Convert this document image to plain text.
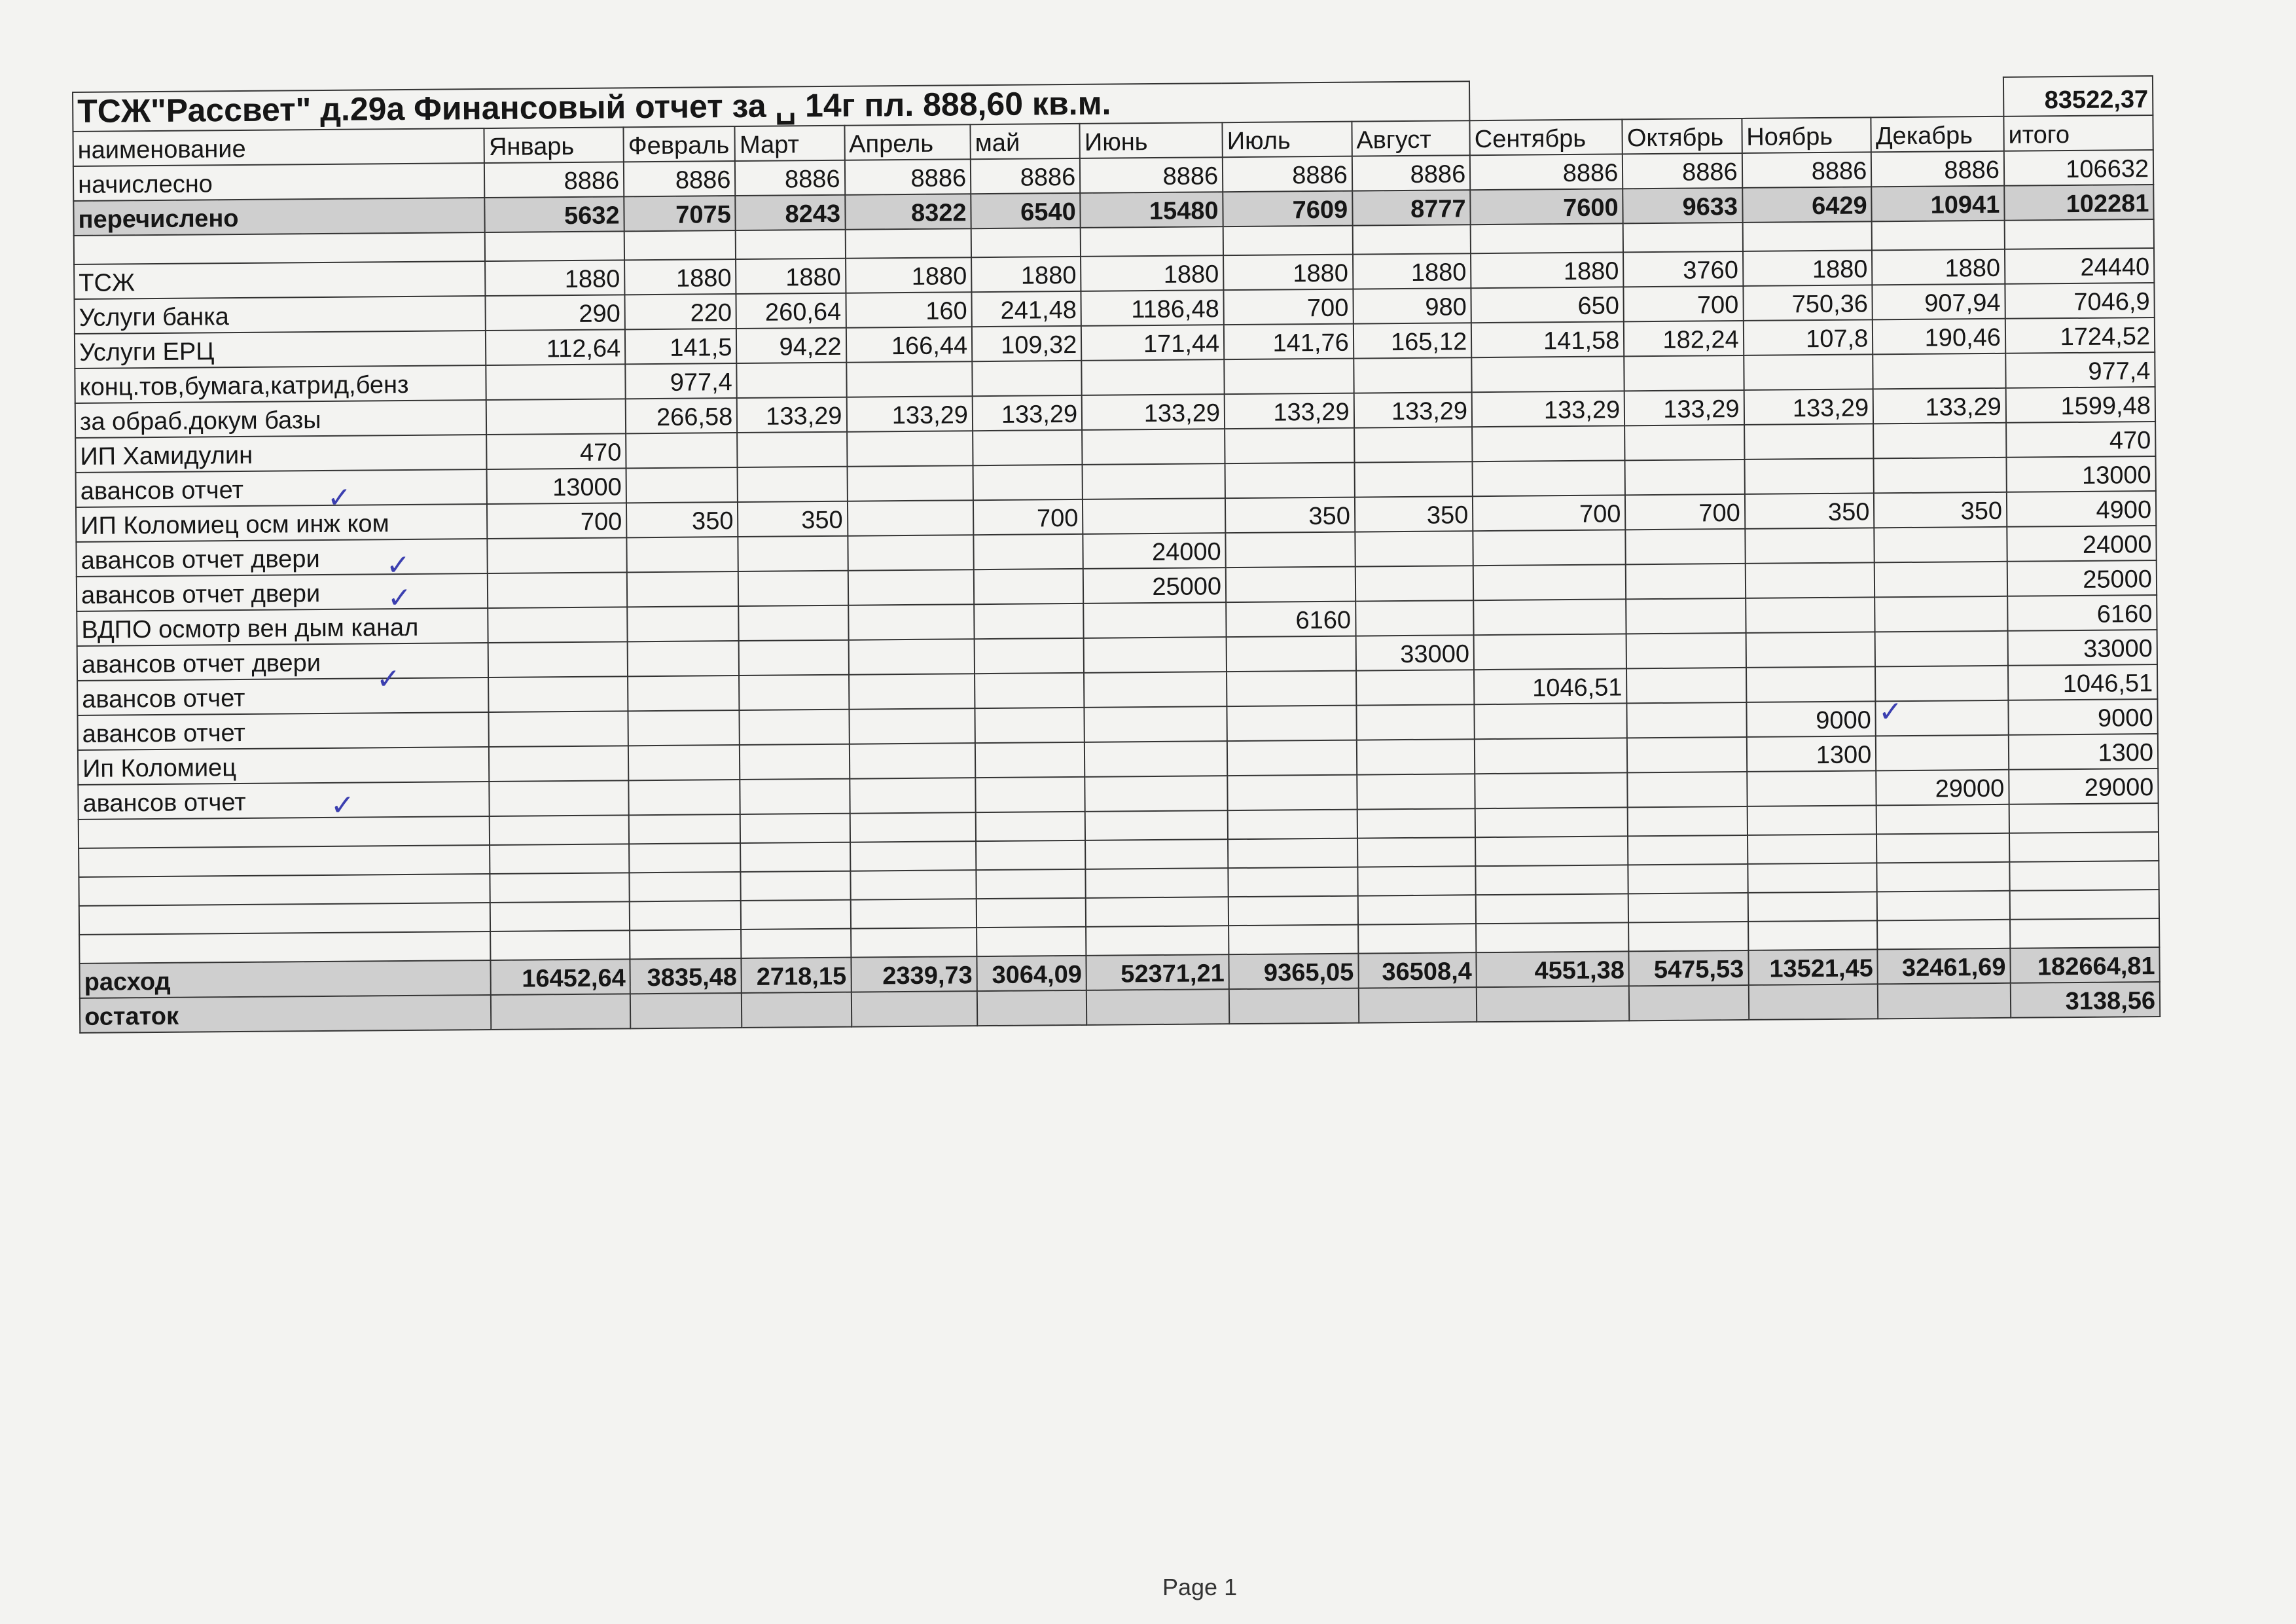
ТСЖ"Рассвет" д.29а Финансовый отчет за ␣ 14г пл. 888,60 кв.м.													83522,37
наименование	Январь	Февраль	Март	Апрель	май	Июнь	Июль	Август	Сентябрь	Октябрь	Ноябрь	Декабрь	итого
начислесно	8886	8886	8886	8886	8886	8886	8886	8886	8886	8886	8886	8886	106632
перечислено	5632	7075	8243	8322	6540	15480	7609	8777	7600	9633	6429	10941	102281

ТСЖ	1880	1880	1880	1880	1880	1880	1880	1880	1880	3760	1880	1880	24440
Услуги банка	290	220	260,64	160	241,48	1186,48	700	980	650	700	750,36	907,94	7046,9
Услуги ЕРЦ	112,64	141,5	94,22	166,44	109,32	171,44	141,76	165,12	141,58	182,24	107,8	190,46	1724,52
конц.тов,бумага,катрид,бенз		977,4											977,4
за обраб.докум базы		266,58	133,29	133,29	133,29	133,29	133,29	133,29	133,29	133,29	133,29	133,29	1599,48
ИП Хамидулин	470												470
авансов отчет	13000												13000
ИП Коломиец осм инж ком	700	350	350		700		350	350	700	700	350	350	4900
авансов отчет двери						24000							24000
авансов отчет двери						25000							25000
ВДПО осмотр вен дым канал							6160						6160
авансов отчет двери								33000					33000
авансов отчет									1046,51				1046,51
авансов отчет											9000		9000
Ип Коломиец											1300		1300
авансов отчет												29000	29000

расход	16452,64	3835,48	2718,15	2339,73	3064,09	52371,21	9365,05	36508,4	4551,38	5475,53	13521,45	32461,69	182664,81
остаток													3138,56
✓
✓
✓
✓
✓
✓
Page 1
